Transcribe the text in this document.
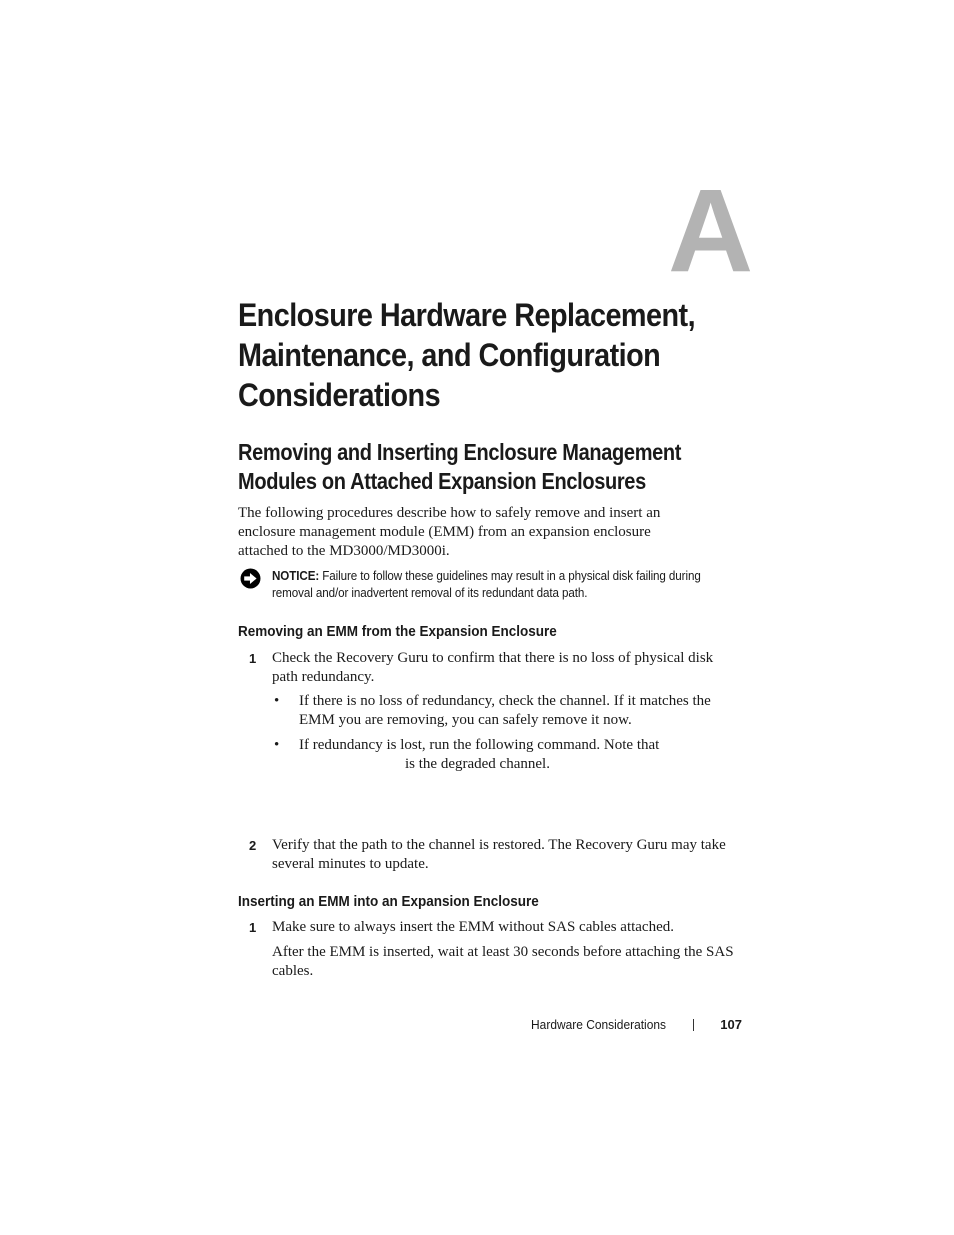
A
Enclosure Hardware Replacement, Maintenance, and Configuration Considerations
Removing and Inserting Enclosure Management Modules on Attached Expansion Enclosures

The following procedures describe how to safely remove and insert an enclosure management module (EMM) from an expansion enclosure attached to the MD3000/MD3000i.

NOTICE: Failure to follow these guidelines may result in a physical disk failing during removal and/or inadvertent removal of its redundant data path.

Removing an EMM from the Expansion Enclosure
1 Check the Recovery Guru to confirm that there is no loss of physical disk path redundancy.

• If there is no loss of redundancy, check the channel. If it matches the EMM you are removing, you can safely remove it now.

• If redundancy is lost, run the following command. Note that

is the degraded channel.

2 Verify that the path to the channel is restored. The Recovery Guru may take several minutes to update.

Inserting an EMM into an Expansion Enclosure
1 Make sure to always insert the EMM without SAS cables attached.

After the EMM is inserted, wait at least 30 seconds before attaching the SAS cables.

Hardware Considerations	107
